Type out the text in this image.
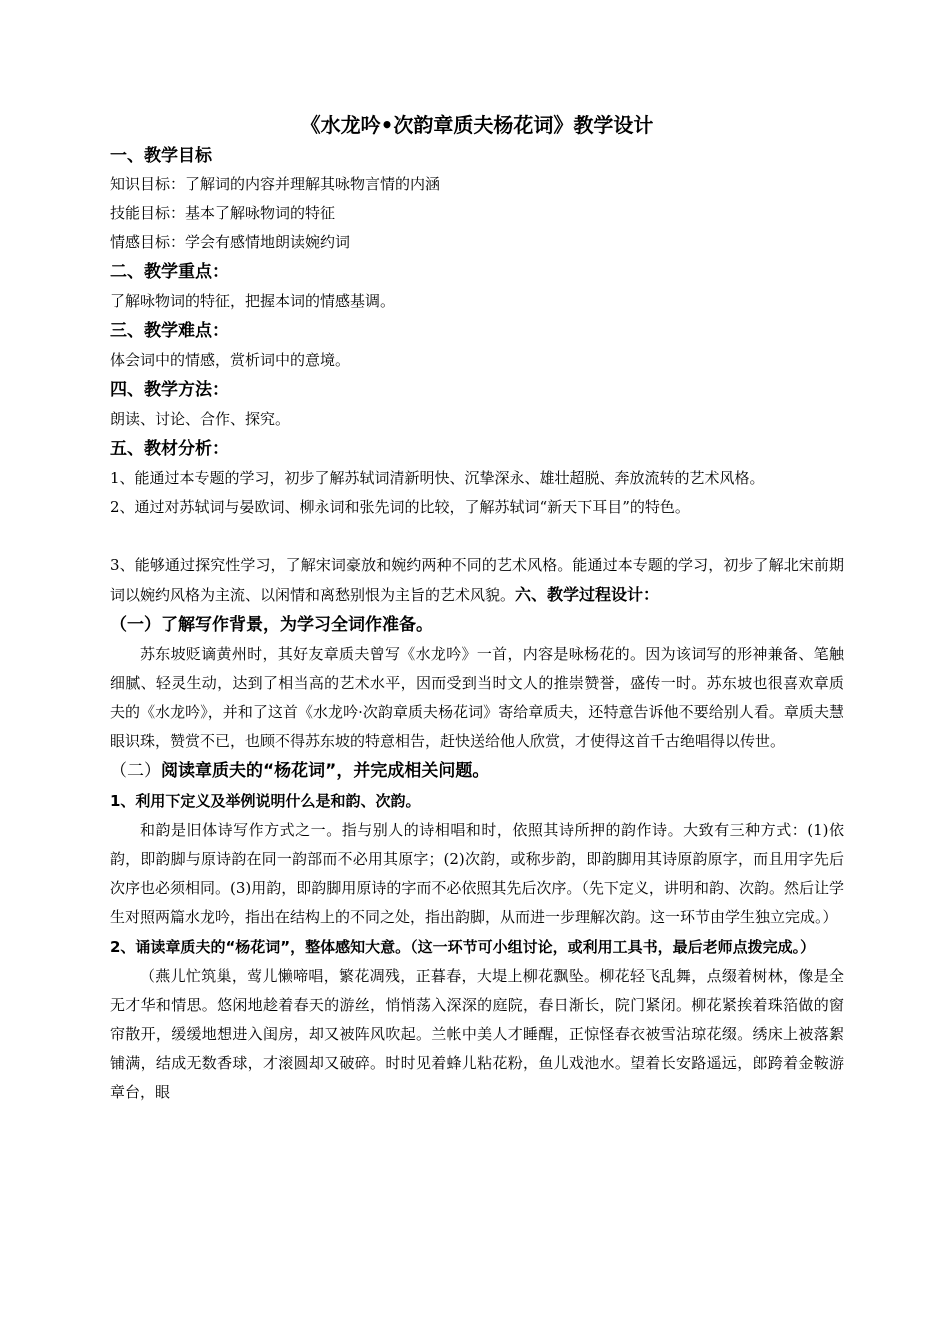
《水龙吟•次韵章质夫杨花词》教学设计
一、教学目标

知识目标：了解词的内容并理解其咏物言情的内涵

技能目标：基本了解咏物词的特征

情感目标：学会有感情地朗读婉约词

二、教学重点：

了解咏物词的特征，把握本词的情感基调。

三、教学难点：

体会词中的情感，赏析词中的意境。

四、教学方法：

朗读、讨论、合作、探究。

五、教材分析：

1、能通过本专题的学习，初步了解苏轼词清新明快、沉挚深永、雄壮超脱、奔放流转的艺术风格。

2、通过对苏轼词与晏欧词、柳永词和张先词的比较，了解苏轼词“新天下耳目”的特色。

3、能够通过探究性学习，了解宋词豪放和婉约两种不同的艺术风格。能通过本专题的学习，初步了解北宋前期词以婉约风格为主流、以闲情和离愁别恨为主旨的艺术风貌。六、教学过程设计：

（一）了解写作背景，为学习全词作准备。

苏东坡贬谪黄州时，其好友章质夫曾写《水龙吟》一首，内容是咏杨花的。因为该词写的形神兼备、笔触细腻、轻灵生动，达到了相当高的艺术水平，因而受到当时文人的推崇赞誉，盛传一时。苏东坡也很喜欢章质夫的《水龙吟》，并和了这首《水龙吟·次韵章质夫杨花词》寄给章质夫，还特意告诉他不要给别人看。章质夫慧眼识珠，赞赏不已，也顾不得苏东坡的特意相告，赶快送给他人欣赏，才使得这首千古绝唱得以传世。

（二）阅读章质夫的“杨花词”，并完成相关问题。

1、利用下定义及举例说明什么是和韵、次韵。

和韵是旧体诗写作方式之一。指与别人的诗相唱和时，依照其诗所押的韵作诗。大致有三种方式：(1)依韵，即韵脚与原诗韵在同一韵部而不必用其原字；(2)次韵，或称步韵，即韵脚用其诗原韵原字，而且用字先后次序也必须相同。(3)用韵，即韵脚用原诗的字而不必依照其先后次序。（先下定义，讲明和韵、次韵。然后让学生对照两篇水龙吟，指出在结构上的不同之处，指出韵脚，从而进一步理解次韵。这一环节由学生独立完成。）

2、诵读章质夫的“杨花词”，整体感知大意。（这一环节可小组讨论，或利用工具书，最后老师点拨完成。）

（燕儿忙筑巢，莺儿懒啼唱，繁花凋残，正暮春，大堤上柳花飘坠。柳花轻飞乱舞，点缀着树林，像是全无才华和情思。悠闲地趁着春天的游丝，悄悄荡入深深的庭院，春日渐长，院门紧闭。柳花紧挨着珠箔做的窗帘散开，缓缓地想进入闺房，却又被阵风吹起。兰帐中美人才睡醒，正惊怪春衣被雪沾琼花缀。绣床上被落絮铺满，结成无数香球，才滚圆却又破碎。时时见着蜂儿粘花粉，鱼儿戏池水。望着长安路遥远，郎跨着金鞍游章台，眼
